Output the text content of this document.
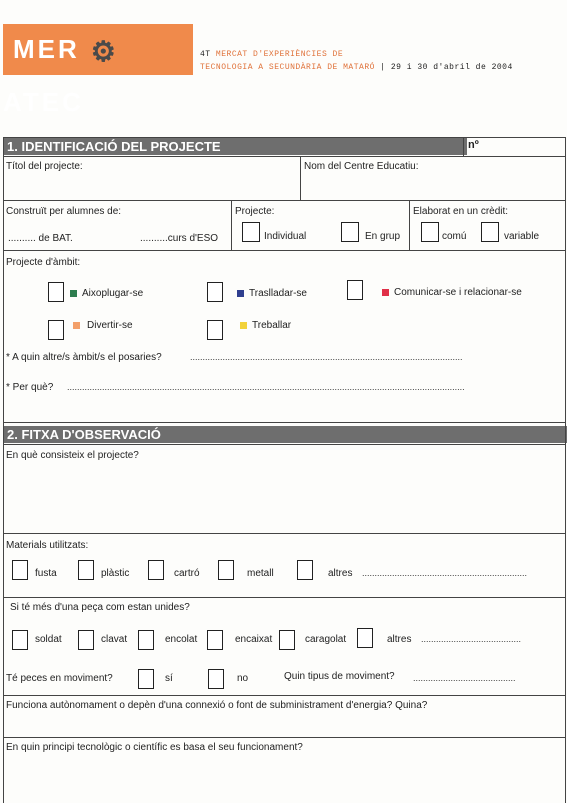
MER ⚙ATEC
4T MERCAT D'EXPERIÈNCIES DE
TECNOLOGIA A SECUNDÀRIA DE MATARÓ | 29 i 30 d'abril de 2004
1. IDENTIFICACIÓ DEL PROJECTE	nº
Títol del projecte:	Nom del Centre Educatiu:
Construït per alumnes de:
.......... de BAT.	..........curs d'ESO
Projecte:
Individual	En grup
Elaborat en un crèdit:
comú	variable
Projecte d'àmbit:
Aixoplugar-se	Traslladar-se	Comunicar-se i relacionar-se
Divertir-se	Treballar
* A quin altre/s àmbit/s el posaries?	.............................................................................................................
* Per què? ...............................................................................................................................................................
2. FITXA D'OBSERVACIÓ
En què consisteix el projecte?
Materials utilitzats:
fusta	plàstic	cartró	metall	altres ..................................................................
Si té més d'una peça com estan unides?
soldat	clavat	encolat	encaixat	caragolat	altres ........................................
Té peces en moviment?	sí	no	Quin tipus de moviment? .........................................
Funciona autònomament o depèn d'una connexió o font de subministrament d'energia? Quina?
En quin principi tecnològic o científic es basa el seu funcionament?
